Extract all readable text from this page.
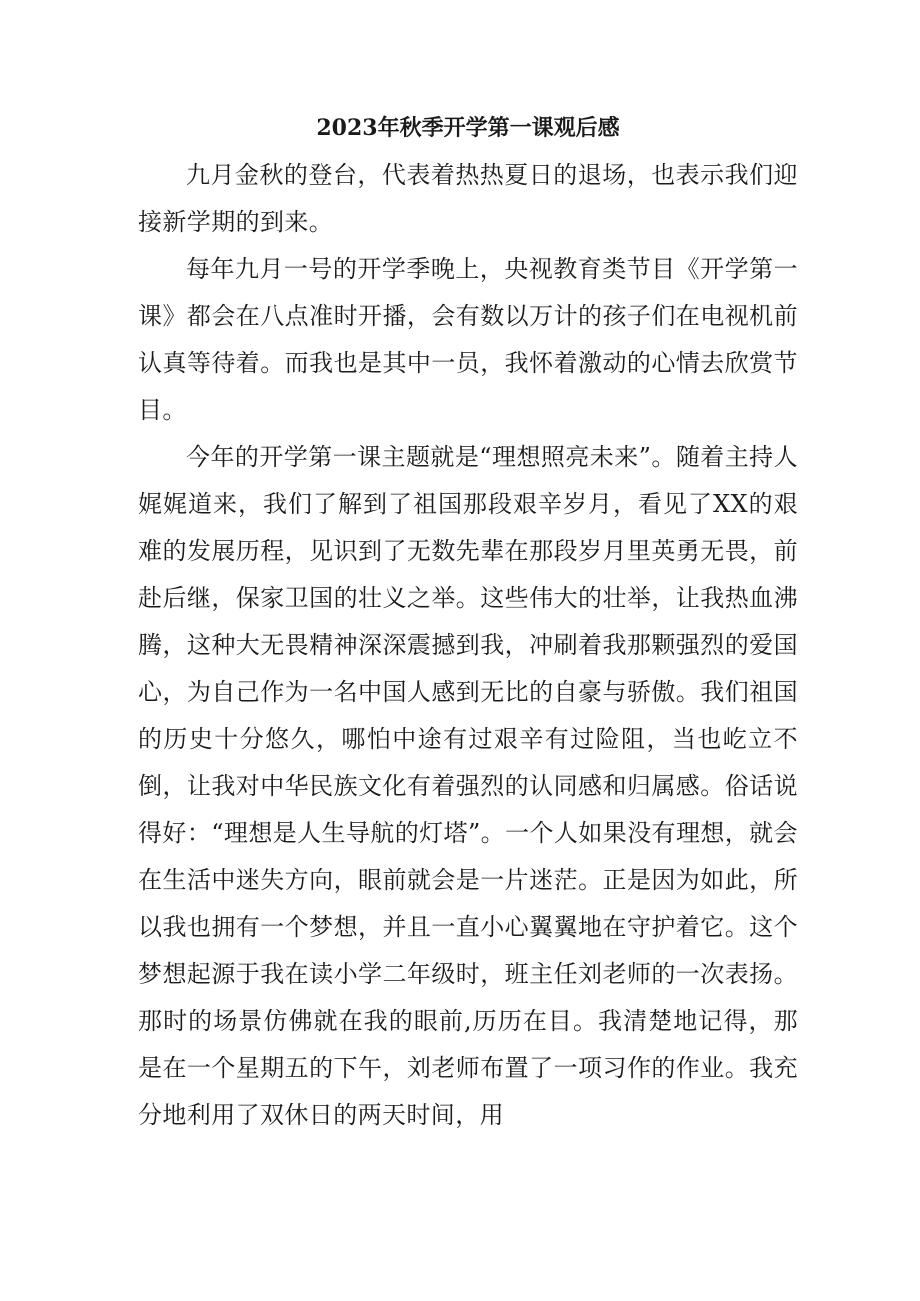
2023年秋季开学第一课观后感

九月金秋的登台，代表着热热夏日的退场，也表示我们迎接新学期的到来。

每年九月一号的开学季晚上，央视教育类节目《开学第一课》都会在八点准时开播，会有数以万计的孩子们在电视机前认真等待着。而我也是其中一员，我怀着激动的心情去欣赏节目。

今年的开学第一课主题就是“理想照亮未来”。随着主持人娓娓道来，我们了解到了祖国那段艰辛岁月，看见了XX的艰难的发展历程，见识到了无数先辈在那段岁月里英勇无畏，前赴后继，保家卫国的壮义之举。这些伟大的壮举，让我热血沸腾，这种大无畏精神深深震撼到我，冲刷着我那颗强烈的爱国心，为自己作为一名中国人感到无比的自豪与骄傲。我们祖国的历史十分悠久，哪怕中途有过艰辛有过险阻，当也屹立不倒，让我对中华民族文化有着强烈的认同感和归属感。俗话说得好：“理想是人生导航的灯塔”。一个人如果没有理想，就会在生活中迷失方向，眼前就会是一片迷茫。正是因为如此，所以我也拥有一个梦想，并且一直小心翼翼地在守护着它。这个梦想起源于我在读小学二年级时，班主任刘老师的一次表扬。那时的场景仿佛就在我的眼前,历历在目。我清楚地记得，那是在一个星期五的下午，刘老师布置了一项习作的作业。我充分地利用了双休日的两天时间，用
